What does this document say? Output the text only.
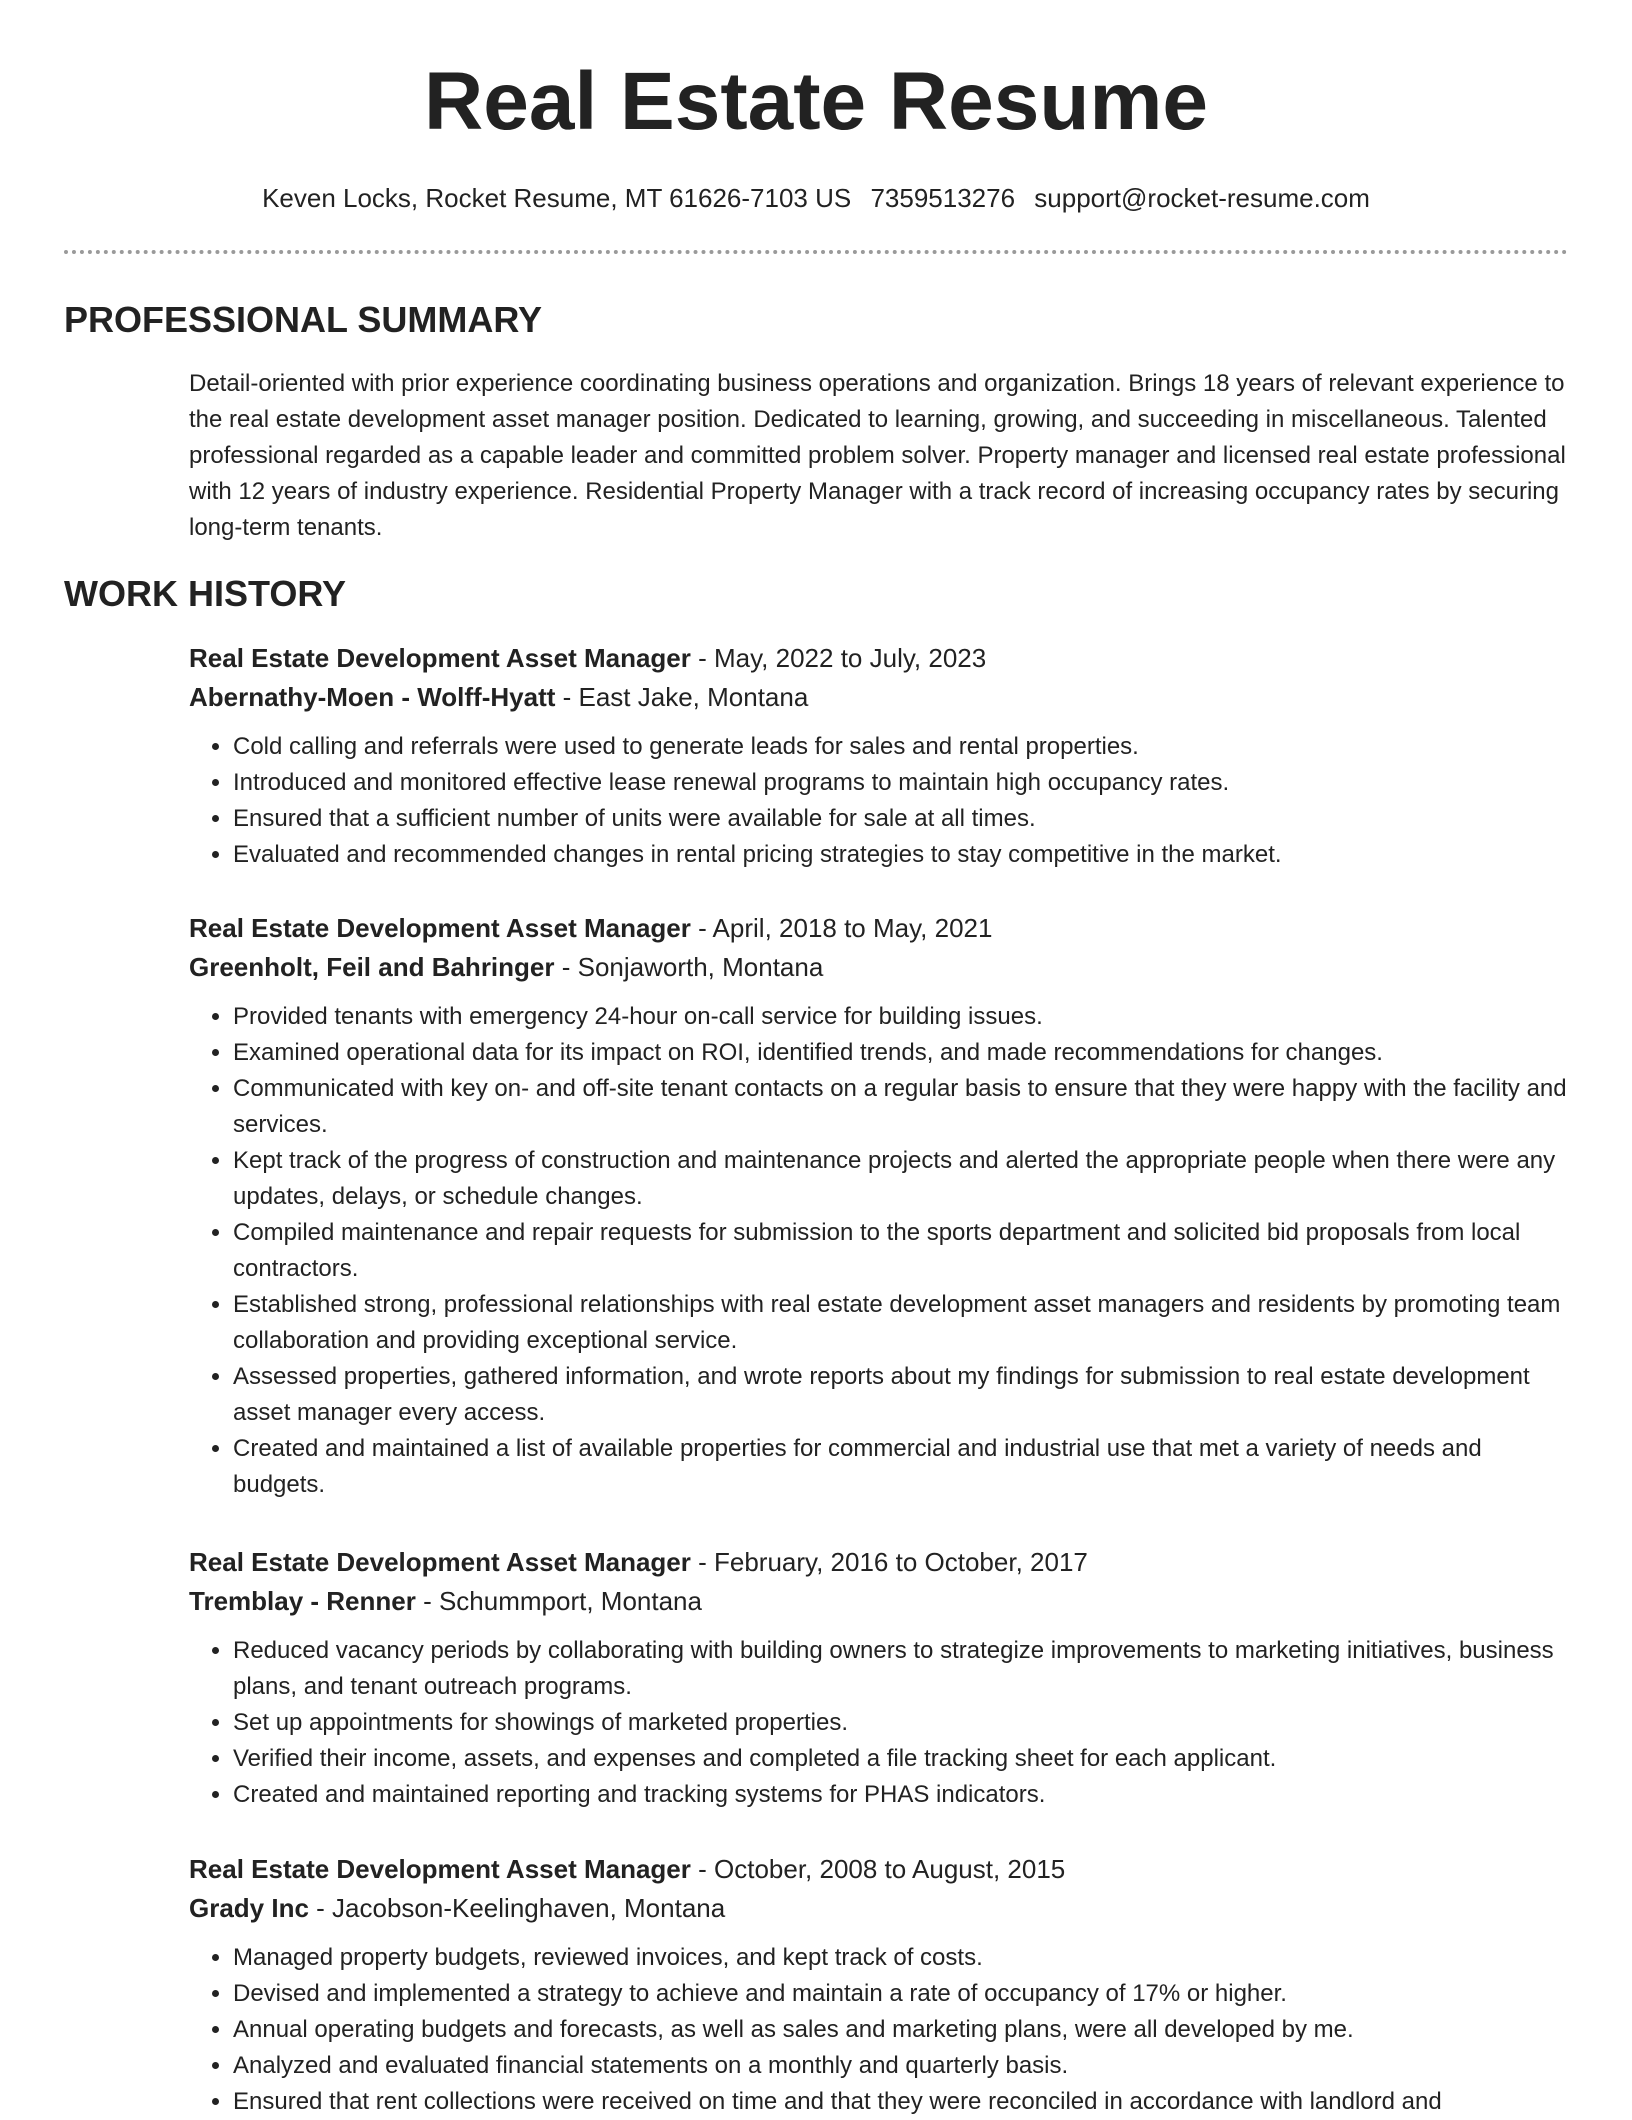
Real Estate Resume
Keven Locks, Rocket Resume, MT 61626-7103 US 7359513276 support@rocket-resume.com
PROFESSIONAL SUMMARY

Detail-oriented with prior experience coordinating business operations and organization. Brings 18 years of relevant experience to the real estate development asset manager position. Dedicated to learning, growing, and succeeding in miscellaneous. Talented professional regarded as a capable leader and committed problem solver. Property manager and licensed real estate professional with 12 years of industry experience. Residential Property Manager with a track record of increasing occupancy rates by securing long-term tenants.

WORK HISTORY

Real Estate Development Asset Manager - May, 2022 to July, 2023

Abernathy-Moen - Wolff-Hyatt - East Jake, Montana

• Cold calling and referrals were used to generate leads for sales and rental properties.
• Introduced and monitored effective lease renewal programs to maintain high occupancy rates.
• Ensured that a sufficient number of units were available for sale at all times.
• Evaluated and recommended changes in rental pricing strategies to stay competitive in the market.

Real Estate Development Asset Manager - April, 2018 to May, 2021

Greenholt, Feil and Bahringer - Sonjaworth, Montana

• Provided tenants with emergency 24-hour on-call service for building issues.
• Examined operational data for its impact on ROI, identified trends, and made recommendations for changes.
• Communicated with key on- and off-site tenant contacts on a regular basis to ensure that they were happy with the facility and services.
• Kept track of the progress of construction and maintenance projects and alerted the appropriate people when there were any updates, delays, or schedule changes.
• Compiled maintenance and repair requests for submission to the sports department and solicited bid proposals from local contractors.
• Established strong, professional relationships with real estate development asset managers and residents by promoting team collaboration and providing exceptional service.
• Assessed properties, gathered information, and wrote reports about my findings for submission to real estate development asset manager every access.
• Created and maintained a list of available properties for commercial and industrial use that met a variety of needs and budgets.

Real Estate Development Asset Manager - February, 2016 to October, 2017

Tremblay - Renner - Schummport, Montana

• Reduced vacancy periods by collaborating with building owners to strategize improvements to marketing initiatives, business plans, and tenant outreach programs.
• Set up appointments for showings of marketed properties.
• Verified their income, assets, and expenses and completed a file tracking sheet for each applicant.
• Created and maintained reporting and tracking systems for PHAS indicators.

Real Estate Development Asset Manager - October, 2008 to August, 2015

Grady Inc - Jacobson-Keelinghaven, Montana

• Managed property budgets, reviewed invoices, and kept track of costs.
• Devised and implemented a strategy to achieve and maintain a rate of occupancy of 17% or higher.
• Annual operating budgets and forecasts, as well as sales and marketing plans, were all developed by me.
• Analyzed and evaluated financial statements on a monthly and quarterly basis.
• Ensured that rent collections were received on time and that they were reconciled in accordance with landlord and
